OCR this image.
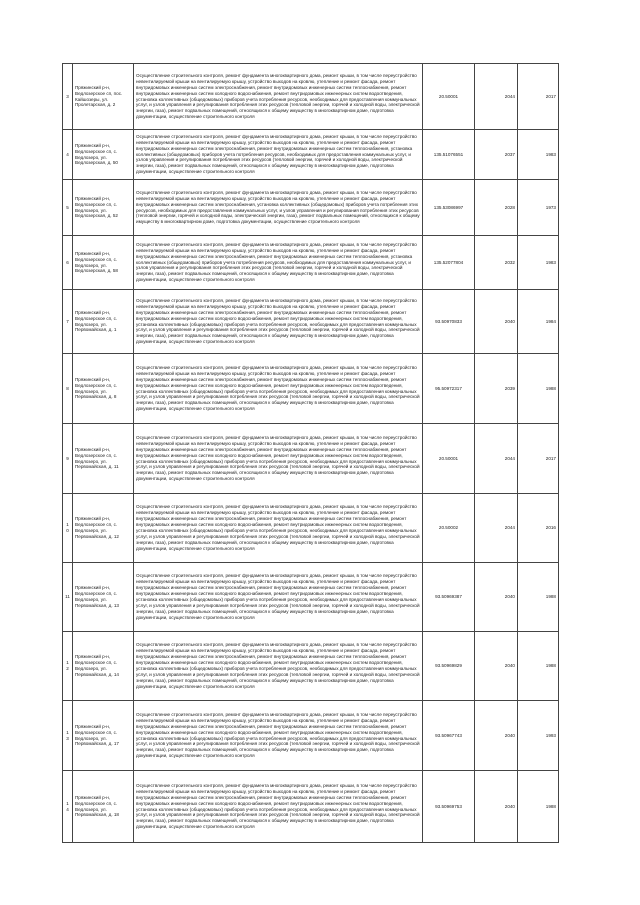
3	Пряжинский р-н, Ведлозерское сп, пос. Кайшозеры, ул. Пролетарская, д. 2	Осуществление строительного контроля, ремонт фундамента многоквартирного дома, ремонт крыши, в том числе переустройство невентилируемой крыши на вентилируемую крышу, устройство выходов на кровлю, утепление и ремонт фасада, ремонт внутридомовых инженерных систем электроснабжения, ремонт внутридомовых инженерных систем теплоснабжения, ремонт внутридомовых инженерных систем холодного водоснабжения, ремонт внутридомовых инженерных систем водоотведения, установка коллективных (общедомовых) приборов учета потребления ресурсов, необходимых для предоставления коммунальных услуг, и узлов управления и регулирования потребления этих ресурсов (тепловой энергии, горячей и холодной воды, электрической энергии, газа), ремонт подвальных помещений, относящихся к общему имуществу в многоквартирном доме, подготовка документации, осуществление строительного контроля	20.50001	2044	2017
4	Пряжинский р-н, Ведлозерское сп, с. Ведлозеро, ул. Ведлозерская, д. 50	Осуществление строительного контроля, ремонт фундамента многоквартирного дома, ремонт крыши, в том числе переустройство невентилируемой крыши на вентилируемую крышу, устройство выходов на кровлю, утепление и ремонт фасада, ремонт внутридомовых инженерных систем электроснабжения, ремонт внутридомовых инженерных систем теплоснабжения, установка коллективных (общедомовых) приборов учета потребления ресурсов, необходимых для предоставления коммунальных услуг, и узлов управления и регулирования потребления этих ресурсов (тепловой энергии, горячей и холодной воды, электрической энергии, газа), ремонт подвальных помещений, относящихся к общему имуществу в многоквартирном доме, подготовка документации, осуществление строительного контроля	135.51076551	2037	1983
5	Пряжинский р-н, Ведлозерское сп, с. Ведлозеро, ул. Ведлозерская, д. 52	Осуществление строительного контроля, ремонт фундамента многоквартирного дома, ремонт крыши, в том числе переустройство невентилируемой крыши на вентилируемую крышу, устройство выходов на кровлю, утепление и ремонт фасада, ремонт внутридомовых инженерных систем электроснабжения, установка коллективных (общедомовых) приборов учета потребления этих ресурсов, необходимых для предоставления коммунальных услуг, и узлов управления и регулирования потребления этих ресурсов (тепловой энергии, горячей и холодной воды, электрической энергии, газа), ремонт подвальных помещений, относящихся к общему имуществу в многоквартирном доме, подготовка документации, осуществление строительного контроля	135.53086997	2028	1973
6	Пряжинский р-н, Ведлозерское сп, с. Ведлозеро, ул. Ведлозерская, д. 58	Осуществление строительного контроля, ремонт фундамента многоквартирного дома, ремонт крыши, в том числе переустройство невентилируемой крыши на вентилируемую крышу, устройство выходов на кровлю, утепление и ремонт фасада, ремонт внутридомовых инженерных систем электроснабжения, ремонт внутридомовых инженерных систем теплоснабжения, установка коллективных (общедомовых) приборов учета потребления ресурсов, необходимых для предоставления коммунальных услуг, и узлов управления и регулирования потребления этих ресурсов (тепловой энергии, горячей и холодной воды, электрической энергии, газа), ремонт подвальных помещений, относящихся к общему имуществу в многоквартирном доме, подготовка документации, осуществление строительного контроля	135.52077804	2032	1983
7	Пряжинский р-н, Ведлозерское сп, с. Ведлозеро, ул. Первомайская, д. 1	Осуществление строительного контроля, ремонт фундамента многоквартирного дома, ремонт крыши, в том числе переустройство невентилируемой крыши на вентилируемую крышу, устройство выходов на кровлю, утепление и ремонт фасада, ремонт внутридомовых инженерных систем электроснабжения, ремонт внутридомовых инженерных систем теплоснабжения, ремонт внутридомовых инженерных систем холодного водоснабжения, ремонт внутридомовых инженерных систем водоотведения, установка коллективных (общедомовых) приборов учета потребления ресурсов, необходимых для предоставления коммунальных услуг, и узлов управления и регулирования потребления этих ресурсов (тепловой энергии, горячей и холодной воды, электрической энергии, газа), ремонт подвальных помещений, относящихся к общему имуществу в многоквартирном доме, подготовка документации, осуществление строительного контроля	93.50970833	2040	1984
8	Пряжинский р-н, Ведлозерское сп, с. Ведлозеро, ул. Первомайская, д. 8	Осуществление строительного контроля, ремонт фундамента многоквартирного дома, ремонт крыши, в том числе переустройство невентилируемой крыши на вентилируемую крышу, устройство выходов на кровлю, утепление и ремонт фасада, ремонт внутридомовых инженерных систем электроснабжения, ремонт внутридомовых инженерных систем теплоснабжения, ремонт внутридомовых инженерных систем холодного водоснабжения, ремонт внутридомовых инженерных систем водоотведения, установка коллективных (общедомовых) приборов учета потребления ресурсов, необходимых для предоставления коммунальных услуг, и узлов управления и регулирования потребления этих ресурсов (тепловой энергии, горячей и холодной воды, электрической энергии, газа), ремонт подвальных помещений, относящихся к общему имуществу в многоквартирном доме, подготовка документации, осуществление строительного контроля	95.50972317	2039	1988
9	Пряжинский р-н, Ведлозерское сп, с. Ведлозеро, ул. Первомайская, д. 11	Осуществление строительного контроля, ремонт фундамента многоквартирного дома, ремонт крыши, в том числе переустройство невентилируемой крыши на вентилируемую крышу, устройство выходов на кровлю, утепление и ремонт фасада, ремонт внутридомовых инженерных систем электроснабжения, ремонт внутридомовых инженерных систем теплоснабжения, ремонт внутридомовых инженерных систем холодного водоснабжения, ремонт внутридомовых инженерных систем водоотведения, установка коллективных (общедомовых) приборов учета потребления ресурсов, необходимых для предоставления коммунальных услуг, и узлов управления и регулирования потребления этих ресурсов (тепловой энергии, горячей и холодной воды, электрической энергии, газа), ремонт подвальных помещений, относящихся к общему имуществу в многоквартирном доме, подготовка документации, осуществление строительного контроля	20.50001	2044	2017
10	Пряжинский р-н, Ведлозерское сп, с. Ведлозеро, ул. Первомайская, д. 12	Осуществление строительного контроля, ремонт фундамента многоквартирного дома, ремонт крыши, в том числе переустройство невентилируемой крыши на вентилируемую крышу, устройство выходов на кровлю, утепление и ремонт фасада, ремонт внутридомовых инженерных систем электроснабжения, ремонт внутридомовых инженерных систем теплоснабжения, ремонт внутридомовых инженерных систем холодного водоснабжения, ремонт внутридомовых инженерных систем водоотведения, установка коллективных (общедомовых) приборов учета потребления ресурсов, необходимых для предоставления коммунальных услуг, и узлов управления и регулирования потребления этих ресурсов (тепловой энергии, горячей и холодной воды, электрической энергии, газа), ремонт подвальных помещений, относящихся к общему имуществу в многоквартирном доме, подготовка документации, осуществление строительного контроля	20.50002	2044	2016
11	Пряжинский р-н, Ведлозерское сп, с. Ведлозеро, ул. Первомайская, д. 13	Осуществление строительного контроля, ремонт фундамента многоквартирного дома, ремонт крыши, в том числе переустройство невентилируемой крыши на вентилируемую крышу, устройство выходов на кровлю, утепление и ремонт фасада, ремонт внутридомовых инженерных систем электроснабжения, ремонт внутридомовых инженерных систем теплоснабжения, ремонт внутридомовых инженерных систем холодного водоснабжения, ремонт внутридомовых инженерных систем водоотведения, установка коллективных (общедомовых) приборов учета потребления ресурсов, необходимых для предоставления коммунальных услуг, и узлов управления и регулирования потребления этих ресурсов (тепловой энергии, горячей и холодной воды, электрической энергии, газа), ремонт подвальных помещений, относящихся к общему имуществу в многоквартирном доме, подготовка документации, осуществление строительного контроля	93.50969387	2040	1988
12	Пряжинский р-н, Ведлозерское сп, с. Ведлозеро, ул. Первомайская, д. 14	Осуществление строительного контроля, ремонт фундамента многоквартирного дома, ремонт крыши, в том числе переустройство невентилируемой крыши на вентилируемую крышу, устройство выходов на кровлю, утепление и ремонт фасада, ремонт внутридомовых инженерных систем электроснабжения, ремонт внутридомовых инженерных систем теплоснабжения, ремонт внутридомовых инженерных систем холодного водоснабжения, ремонт внутридомовых инженерных систем водоотведения, установка коллективных (общедомовых) приборов учета потребления ресурсов, необходимых для предоставления коммунальных услуг, и узлов управления и регулирования потребления этих ресурсов (тепловой энергии, горячей и холодной воды, электрической энергии, газа), ремонт подвальных помещений, относящихся к общему имуществу в многоквартирном доме, подготовка документации, осуществление строительного контроля	93.50969829	2040	1988
13	Пряжинский р-н, Ведлозерское сп, с. Ведлозеро, ул. Первомайская, д. 17	Осуществление строительного контроля, ремонт фундамента многоквартирного дома, ремонт крыши, в том числе переустройство невентилируемой крыши на вентилируемую крышу, устройство выходов на кровлю, утепление и ремонт фасада, ремонт внутридомовых инженерных систем электроснабжения, ремонт внутридомовых инженерных систем теплоснабжения, ремонт внутридомовых инженерных систем холодного водоснабжения, ремонт внутридомовых инженерных систем водоотведения, установка коллективных (общедомовых) приборов учета потребления ресурсов, необходимых для предоставления коммунальных услуг, и узлов управления и регулирования потребления этих ресурсов (тепловой энергии, горячей и холодной воды, электрической энергии, газа), ремонт подвальных помещений, относящихся к общему имуществу в многоквартирном доме, подготовка документации, осуществление строительного контроля	93.50967743	2040	1993
14	Пряжинский р-н, Ведлозерское сп, с. Ведлозеро, ул. Первомайская, д. 18	Осуществление строительного контроля, ремонт фундамента многоквартирного дома, ремонт крыши, в том числе переустройство невентилируемой крыши на вентилируемую крышу, устройство выходов на кровлю, утепление и ремонт фасада, ремонт внутридомовых инженерных систем электроснабжения, ремонт внутридомовых инженерных систем теплоснабжения, ремонт внутридомовых инженерных систем холодного водоснабжения, ремонт внутридомовых инженерных систем водоотведения, установка коллективных (общедомовых) приборов учета потребления ресурсов, необходимых для предоставления коммунальных услуг, и узлов управления и регулирования потребления этих ресурсов (тепловой энергии, горячей и холодной воды, электрической энергии, газа), ремонт подвальных помещений, относящихся к общему имуществу в многоквартирном доме, подготовка документации, осуществление строительного контроля	93.50969753	2040	1988
